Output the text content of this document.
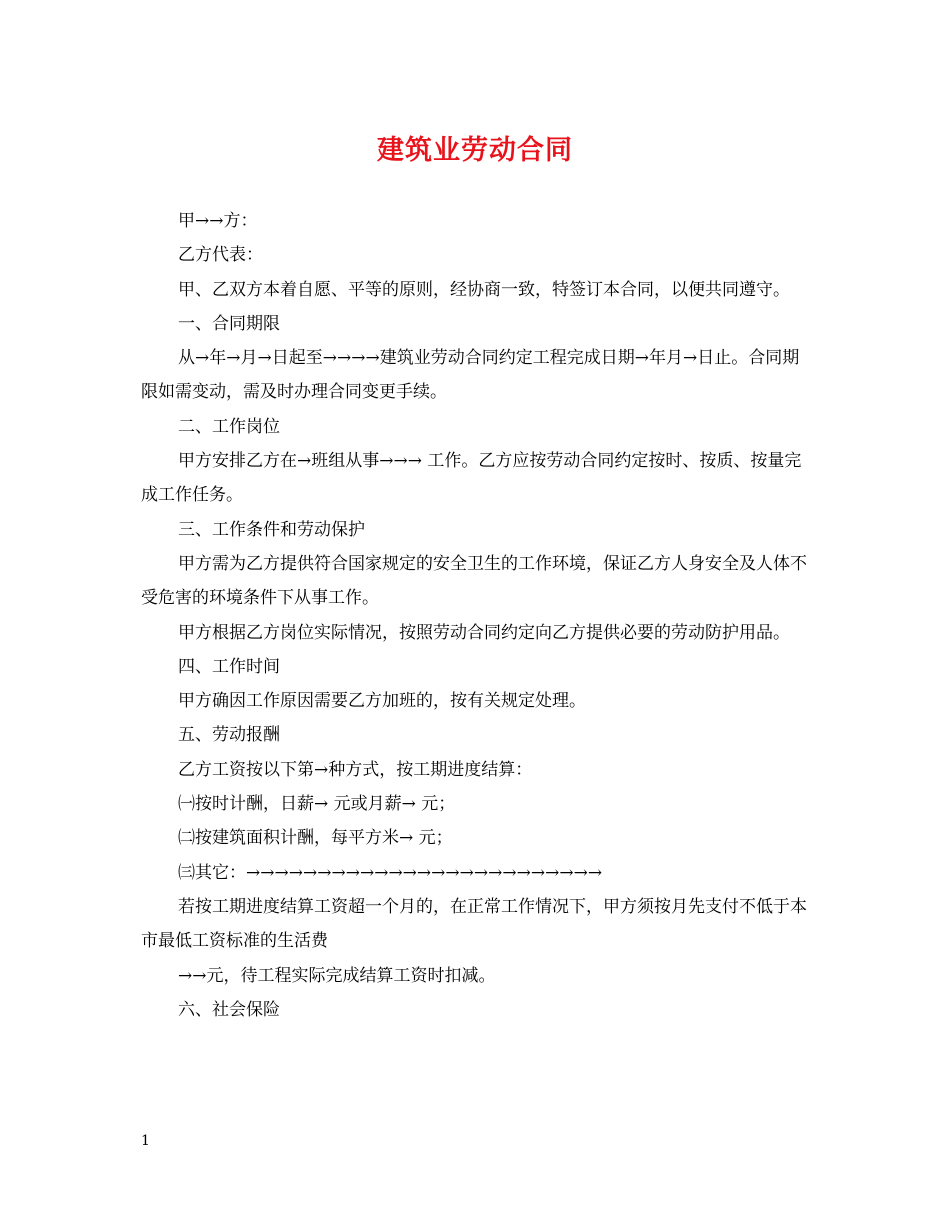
建筑业劳动合同

甲→→方：

乙方代表：

甲、乙双方本着自愿、平等的原则，经协商一致，特签订本合同，以便共同遵守。

一、合同期限

从→年→月→日起至→→→→建筑业劳动合同约定工程完成日期→年月→日止。合同期限如需变动，需及时办理合同变更手续。

二、工作岗位

甲方安排乙方在→班组从事→→→ 工作。乙方应按劳动合同约定按时、按质、按量完成工作任务。

三、工作条件和劳动保护

甲方需为乙方提供符合国家规定的安全卫生的工作环境，保证乙方人身安全及人体不受危害的环境条件下从事工作。

甲方根据乙方岗位实际情况，按照劳动合同约定向乙方提供必要的劳动防护用品。

四、工作时间

甲方确因工作原因需要乙方加班的，按有关规定处理。

五、劳动报酬

乙方工资按以下第→种方式，按工期进度结算：

㈠按时计酬，日薪→ 元或月薪→ 元；

㈡按建筑面积计酬，每平方米→ 元；

㈢其它：→→→→→→→→→→→→→→→→→→→→→→→→→

若按工期进度结算工资超一个月的，在正常工作情况下，甲方须按月先支付不低于本市最低工资标准的生活费

→→元，待工程实际完成结算工资时扣减。

六、社会保险

1
